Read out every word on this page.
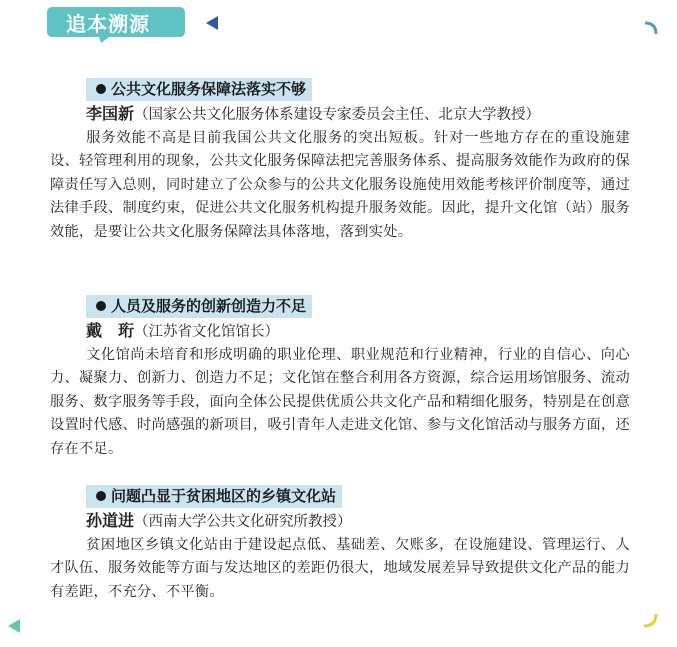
追本溯源
公共文化服务保障法落实不够
李国新（国家公共文化服务体系建设专家委员会主任、北京大学教授）

服务效能不高是目前我国公共文化服务的突出短板。针对一些地方存在的重设施建设、轻管理利用的现象，公共文化服务保障法把完善服务体系、提高服务效能作为政府的保障责任写入总则，同时建立了公众参与的公共文化服务设施使用效能考核评价制度等，通过法律手段、制度约束，促进公共文化服务机构提升服务效能。因此，提升文化馆（站）服务效能，是要让公共文化服务保障法具体落地，落到实处。

人员及服务的创新创造力不足
戴　珩（江苏省文化馆馆长）

文化馆尚未培育和形成明确的职业伦理、职业规范和行业精神，行业的自信心、向心力、凝聚力、创新力、创造力不足；文化馆在整合利用各方资源，综合运用场馆服务、流动服务、数字服务等手段，面向全体公民提供优质公共文化产品和精细化服务，特别是在创意设置时代感、时尚感强的新项目，吸引青年人走进文化馆、参与文化馆活动与服务方面，还存在不足。

问题凸显于贫困地区的乡镇文化站
孙道进（西南大学公共文化研究所教授）

贫困地区乡镇文化站由于建设起点低、基础差、欠账多，在设施建设、管理运行、人才队伍、服务效能等方面与发达地区的差距仍很大，地域发展差异导致提供文化产品的能力有差距，不充分、不平衡。
